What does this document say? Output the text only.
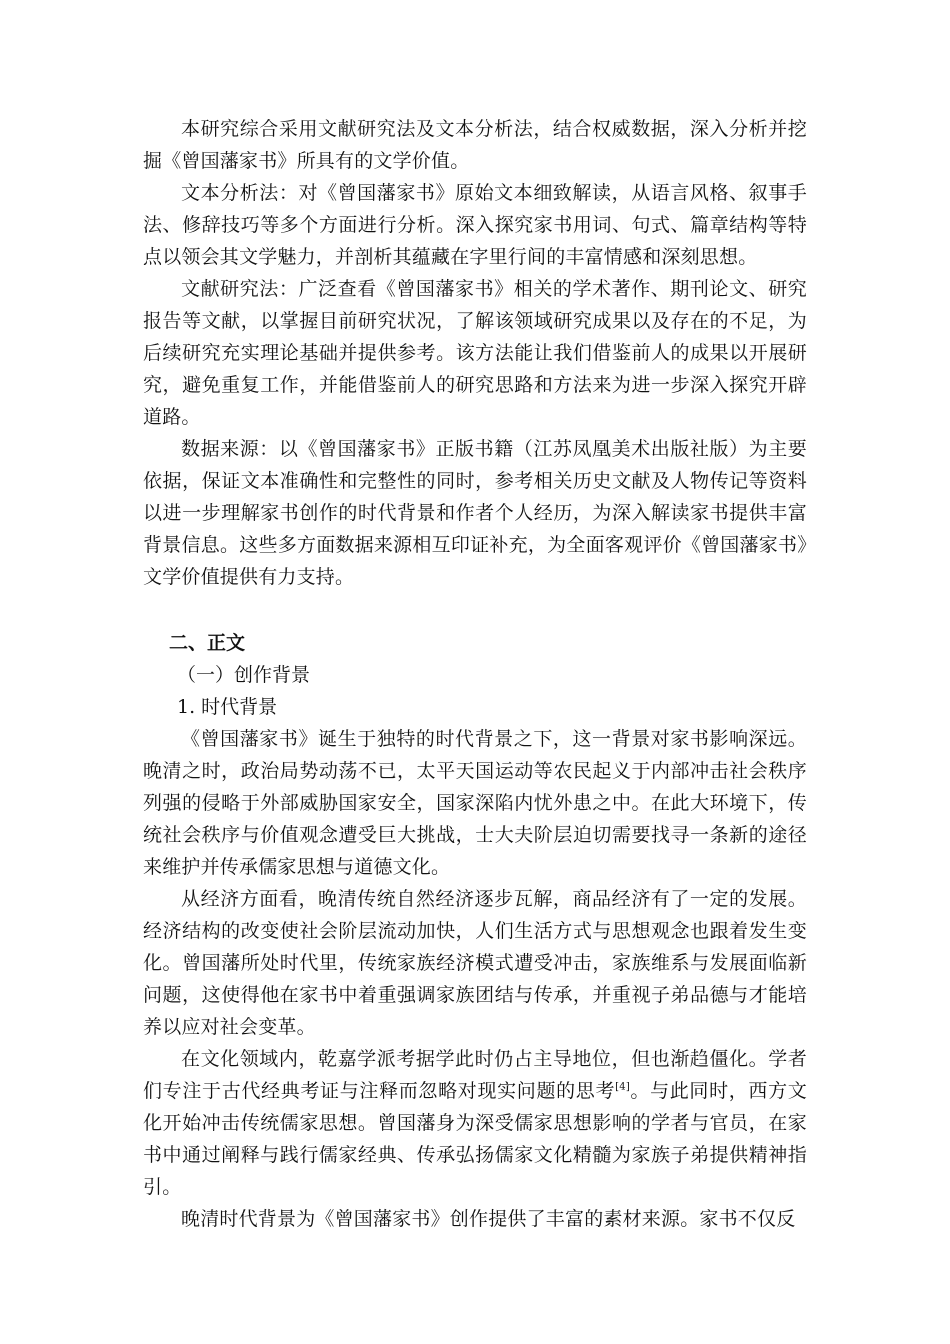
本研究综合采用文献研究法及文本分析法，结合权威数据，深入分析并挖掘《曾国藩家书》所具有的文学价值。

文本分析法：对《曾国藩家书》原始文本细致解读，从语言风格、叙事手法、修辞技巧等多个方面进行分析。深入探究家书用词、句式、篇章结构等特点以领会其文学魅力，并剖析其蕴藏在字里行间的丰富情感和深刻思想。

文献研究法：广泛查看《曾国藩家书》相关的学术著作、期刊论文、研究报告等文献，以掌握目前研究状况，了解该领域研究成果以及存在的不足，为后续研究充实理论基础并提供参考。该方法能让我们借鉴前人的成果以开展研究，避免重复工作，并能借鉴前人的研究思路和方法来为进一步深入探究开辟道路。

数据来源：以《曾国藩家书》正版书籍（江苏凤凰美术出版社版）为主要依据，保证文本准确性和完整性的同时，参考相关历史文献及人物传记等资料以进一步理解家书创作的时代背景和作者个人经历，为深入解读家书提供丰富背景信息。这些多方面数据来源相互印证补充，为全面客观评价《曾国藩家书》文学价值提供有力支持。

二、正文

（一）创作背景

1. 时代背景

《曾国藩家书》诞生于独特的时代背景之下，这一背景对家书影响深远。晚清之时，政治局势动荡不已，太平天国运动等农民起义于内部冲击社会秩序列强的侵略于外部威胁国家安全，国家深陷内忧外患之中。在此大环境下，传统社会秩序与价值观念遭受巨大挑战，士大夫阶层迫切需要找寻一条新的途径来维护并传承儒家思想与道德文化。

从经济方面看，晚清传统自然经济逐步瓦解，商品经济有了一定的发展。经济结构的改变使社会阶层流动加快，人们生活方式与思想观念也跟着发生变化。曾国藩所处时代里，传统家族经济模式遭受冲击，家族维系与发展面临新问题，这使得他在家书中着重强调家族团结与传承，并重视子弟品德与才能培养以应对社会变革。

在文化领域内，乾嘉学派考据学此时仍占主导地位，但也渐趋僵化。学者们专注于古代经典考证与注释而忽略对现实问题的思考[4]。与此同时，西方文化开始冲击传统儒家思想。曾国藩身为深受儒家思想影响的学者与官员，在家书中通过阐释与践行儒家经典、传承弘扬儒家文化精髓为家族子弟提供精神指引。

晚清时代背景为《曾国藩家书》创作提供了丰富的素材来源。家书不仅反
